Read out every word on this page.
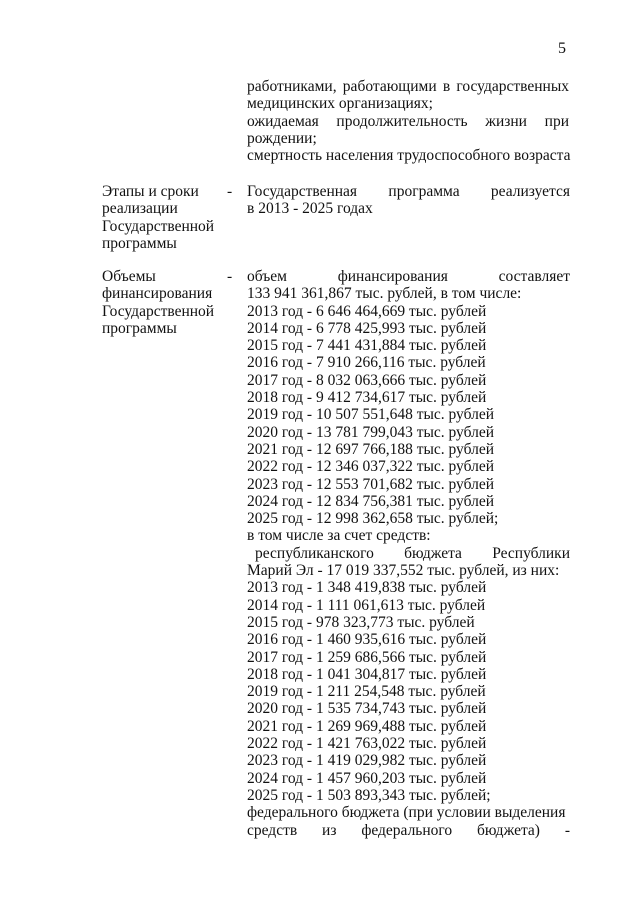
5
работниками, работающими в государственных
медицинских организациях;
ожидаемая продолжительность жизни при
рождении;
смертность населения трудоспособного возраста
Этапы и сроки
реализации
Государственной
программы
- Государственная программа реализуется
в 2013 - 2025 годах
Объемы
финансирования
Государственной
программы
- объем финансирования составляет
133 941 361,867 тыс. рублей, в том числе:
2013 год - 6 646 464,669 тыс. рублей
2014 год - 6 778 425,993 тыс. рублей
2015 год - 7 441 431,884 тыс. рублей
2016 год - 7 910 266,116 тыс. рублей
2017 год - 8 032 063,666 тыс. рублей
2018 год - 9 412 734,617 тыс. рублей
2019 год - 10 507 551,648 тыс. рублей
2020 год - 13 781 799,043 тыс. рублей
2021 год - 12 697 766,188 тыс. рублей
2022 год - 12 346 037,322 тыс. рублей
2023 год - 12 553 701,682 тыс. рублей
2024 год - 12 834 756,381 тыс. рублей
2025 год - 12 998 362,658 тыс. рублей;
в том числе за счет средств:
республиканского бюджета Республики
Марий Эл - 17 019 337,552 тыс. рублей, из них:
2013 год - 1 348 419,838 тыс. рублей
2014 год - 1 111 061,613 тыс. рублей
2015 год - 978 323,773 тыс. рублей
2016 год - 1 460 935,616 тыс. рублей
2017 год - 1 259 686,566 тыс. рублей
2018 год - 1 041 304,817 тыс. рублей
2019 год - 1 211 254,548 тыс. рублей
2020 год - 1 535 734,743 тыс. рублей
2021 год - 1 269 969,488 тыс. рублей
2022 год - 1 421 763,022 тыс. рублей
2023 год - 1 419 029,982 тыс. рублей
2024 год - 1 457 960,203 тыс. рублей
2025 год - 1 503 893,343 тыс. рублей;
федерального бюджета (при условии выделения
средств из федерального бюджета) -
